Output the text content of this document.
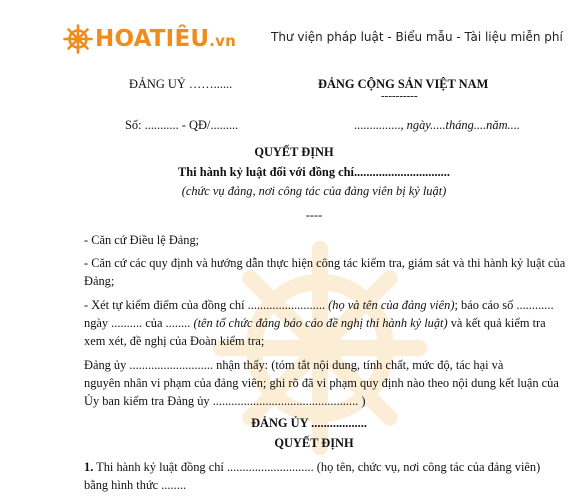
HOATIÊU.vn	Thư viện pháp luật - Biểu mẫu - Tài liệu miễn phí
ĐẢNG UỶ ……......	ĐẢNG CỘNG SẢN VIỆT NAM
----------
Số: ........... - QĐ/.........	..............., ngày.....tháng....năm....
QUYẾT ĐỊNH
Thi hành kỷ luật đối với đồng chí...............................
(chức vụ đảng, nơi công tác của đảng viên bị kỷ luật)
----
- Căn cứ Điều lệ Đảng;
- Căn cứ các quy định và hướng dẫn thực hiện công tác kiểm tra, giám sát và thi hành kỷ luật của
Đảng;
- Xét tự kiểm điểm của đồng chí ......................... (họ và tên của đảng viên); báo cáo số ............
ngày .......... của ........ (tên tổ chức đảng báo cáo đề nghị thi hành kỷ luật) và kết quả kiểm tra
xem xét, đề nghị của Đoàn kiểm tra;
Đảng ủy ........................... nhận thấy: (tóm tắt nội dung, tính chất, mức độ, tác hại và
nguyên nhân vi phạm của đảng viên; ghi rõ đã vi phạm quy định nào theo nội dung kết luận của
Ủy ban kiểm tra Đảng ủy ............................................... )
ĐẢNG ỦY ..................
QUYẾT ĐỊNH
1. Thi hành kỷ luật đồng chí ............................ (họ tên, chức vụ, nơi công tác của đảng viên)
bằng hình thức ........
